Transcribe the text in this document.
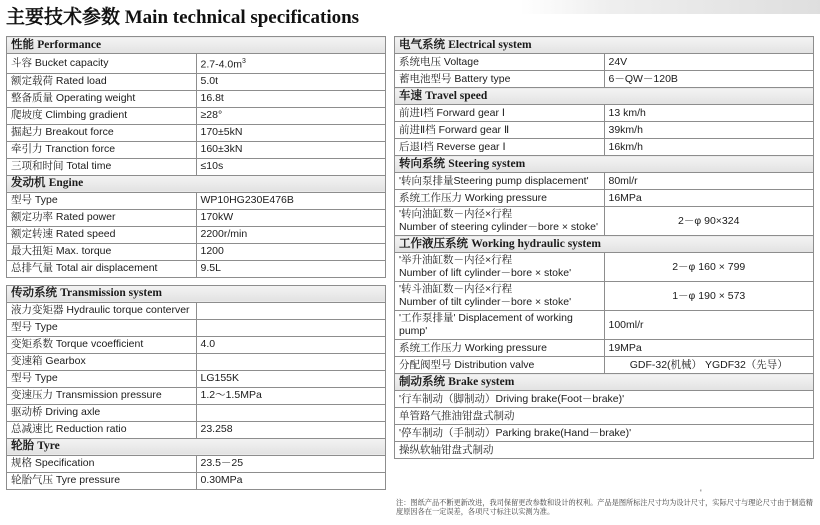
主要技术参数 Main technical specifications
性能 Performance	
斗容 Bucket capacity	$2.7-4.0m^3$
额定载荷 Rated load	5.0t
整备质量 Operating weight	16.8t
爬坡度 Climbing gradient	≥28°
掘起力 Breakout force	170±5kN
牵引力 Tranction force	160±3kN
三项和时间 Total time	≤10s
发动机 Engine	
型号 Type	WP10HG230E476B
额定功率 Rated power	170kW
额定转速 Rated speed	2200r/min
最大扭矩 Max. torque	1200
总排气量 Total air displacement	9.5L

传动系统 Transmission system	
液力变矩器 Hydraulic torque conterver	
型号 Type	
变矩系数 Torque vcoefficient	4.0
变速箱 Gearbox	
型号 Type	LG155K
变速压力 Transmission pressure	1.2～1.5MPa
驱动桥 Driving axle	
总减速比 Reduction ratio	23.258
轮胎 Tyre	
规格 Specification	23.5－25
轮胎气压 Tyre pressure	0.30MPa
电气系统 Electrical system	
系统电压 Voltage	24V
蓄电池型号 Battery type	6－QW－120B
车速 Travel speed	
前进Ⅰ档 Forward gear Ⅰ	13 km/h
前进Ⅱ档 Forward gear Ⅱ	39km/h
后退Ⅰ档 Reverse gear Ⅰ	16km/h
转向系统 Steering system	
'转向泵排量Steering pump displacement'	80ml/r
系统工作压力 Working pressure	16MPa

'转向油缸数－内径×行程
Number of steering cylinder－bore × stoke'	2－φ 90×324
工作液压系统 Working hydraulic system	

'举升油缸数－内径×行程
Number of lift cylinder－bore × stoke'	2－φ 160 × 799

'转斗油缸数－内径×行程
Number of tilt cylinder－bore × stoke'	1－φ 190 × 573
'工作泵排量' Displacement of working pump'	100ml/r
系统工作压力 Working pressure	19MPa
分配阀型号 Distribution valve	GDF-32(机械） YGDF32（先导）
制动系统 Brake system	
'行车制动（脚制动）Driving brake(Foot－brake)'	
单管路气推油钳盘式制动	
'停车制动（手制动）Parking brake(Hand－brake)'	
操纵软轴钳盘式制动	
注：图纸产品不断更新改进，我司保留更改参数和设计的权利。产品是图所标注尺寸均为设计尺寸，实际尺寸与理论尺寸由于制造精度原因各在一定误差，各项尺寸标注以实测为准。
'
